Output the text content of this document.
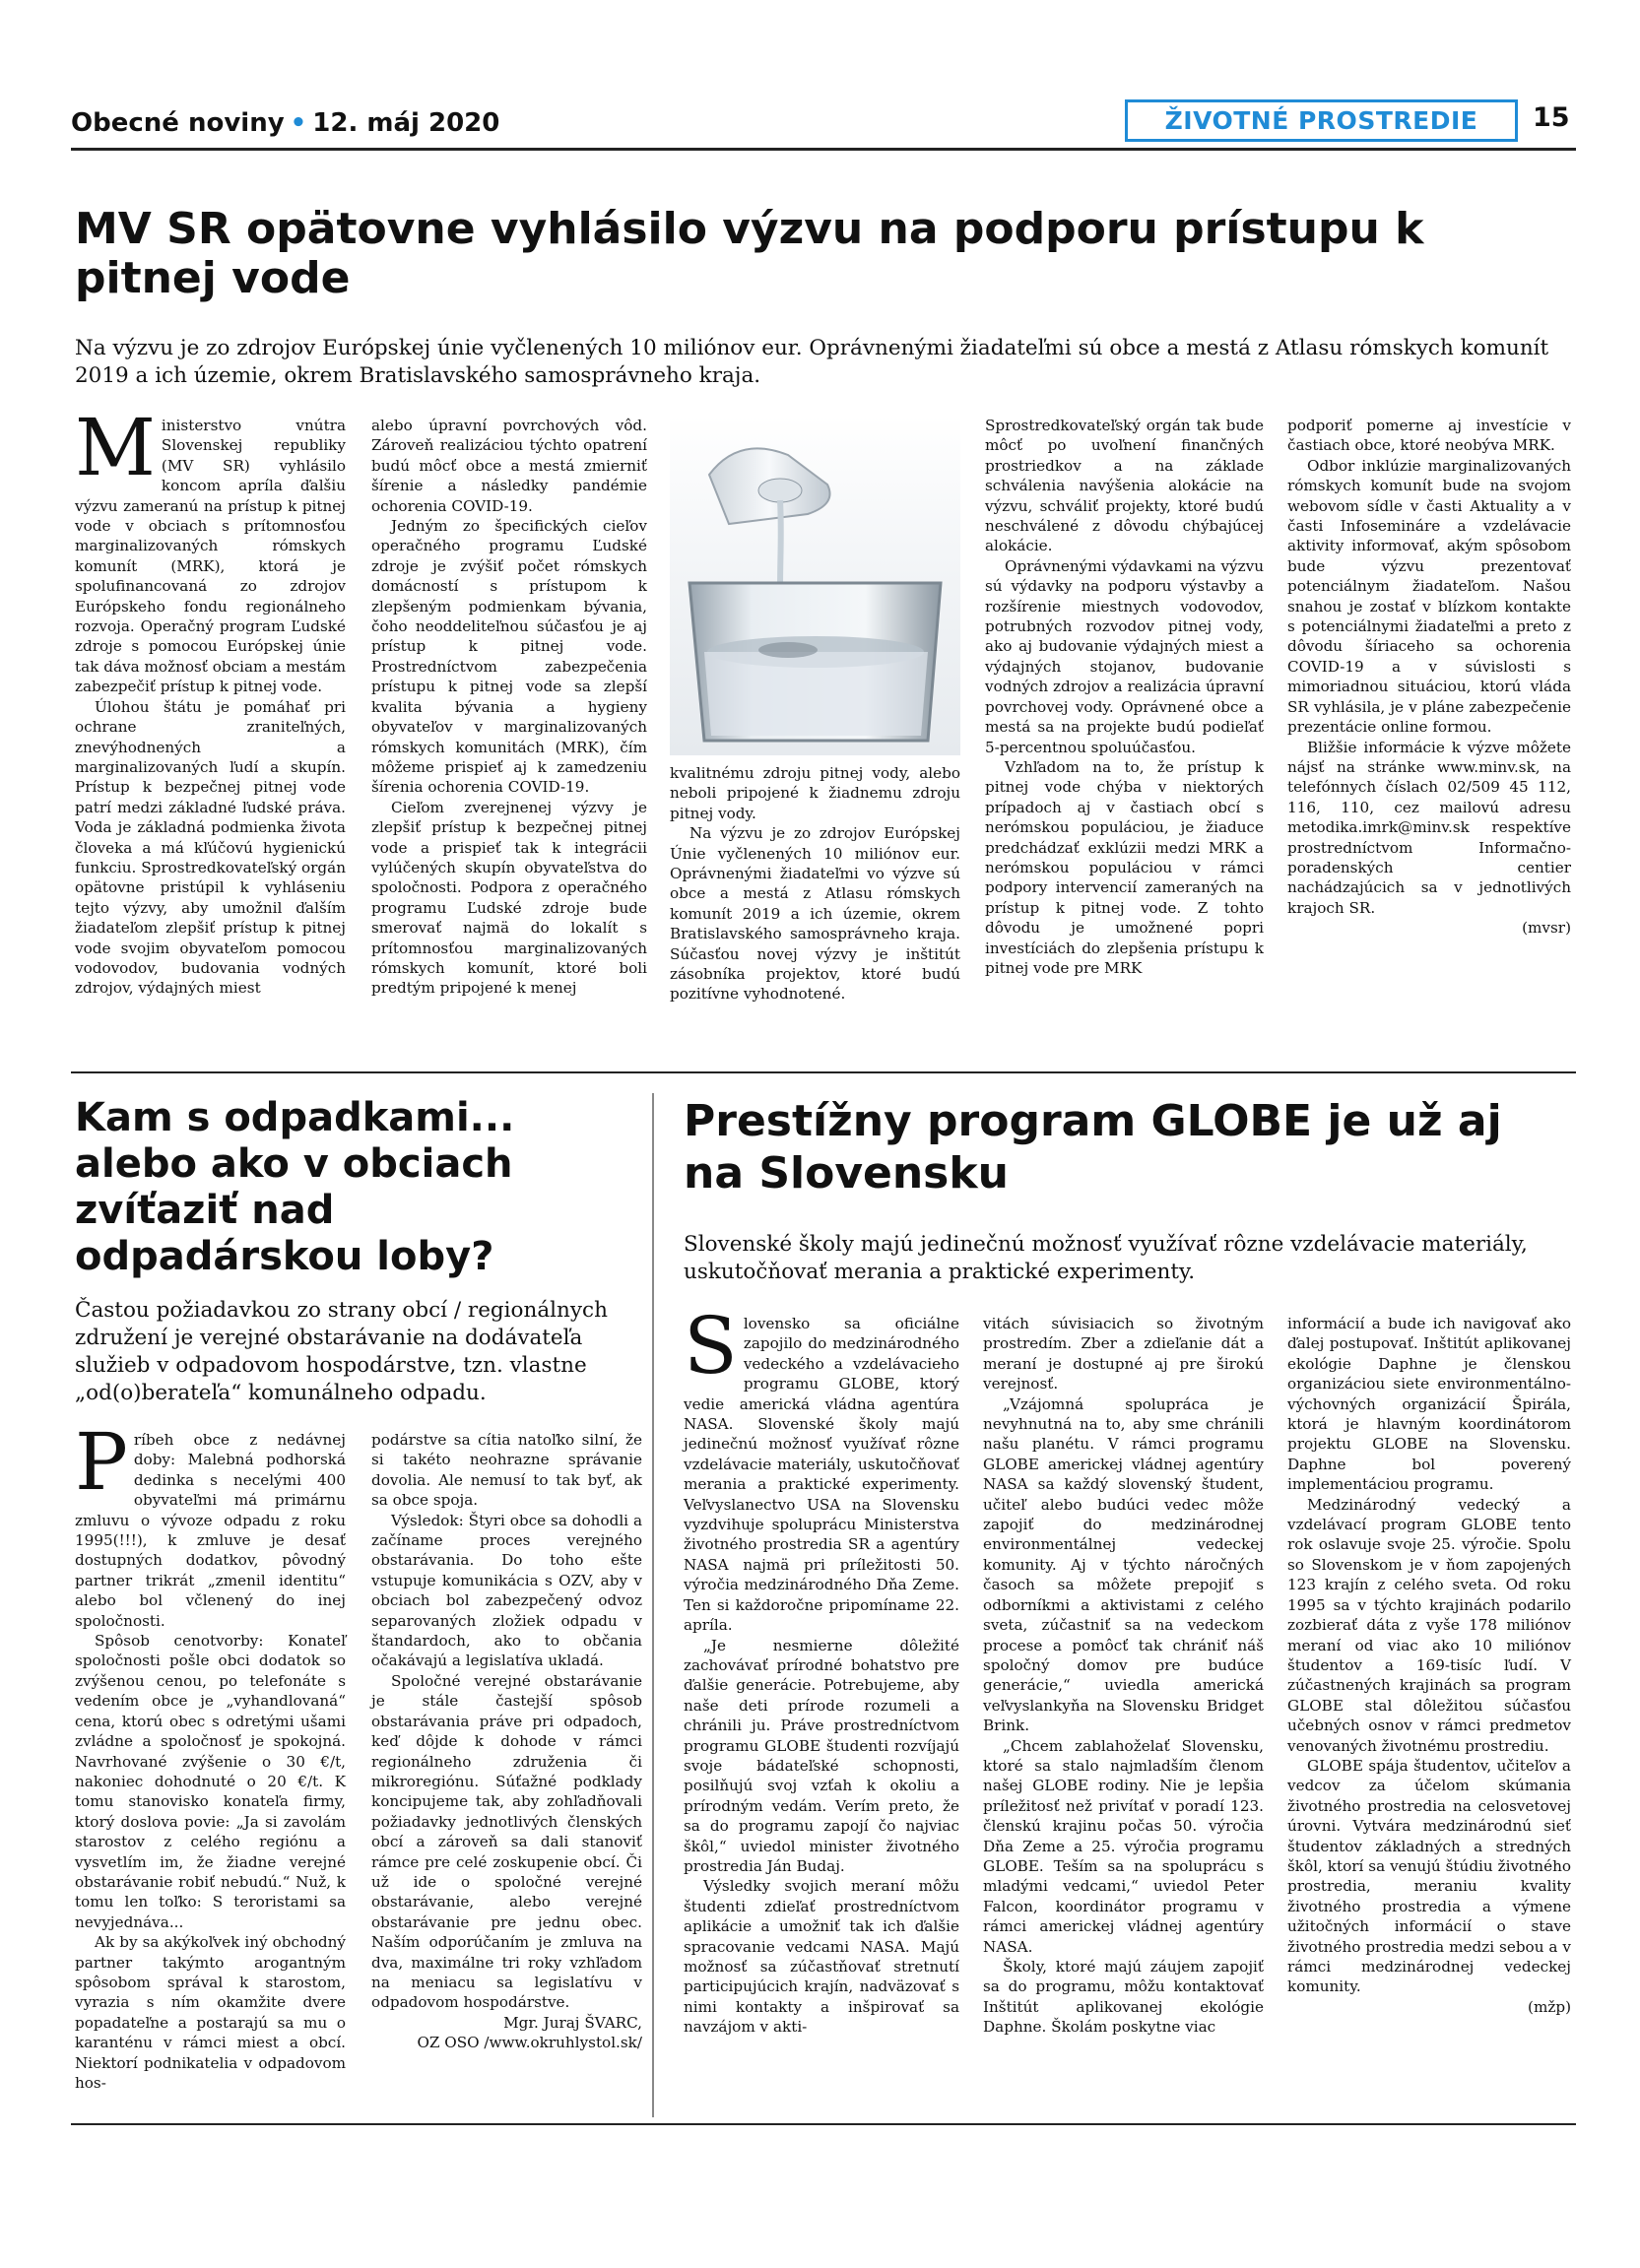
Obecné noviny • 12. máj 2020	ŽIVOTNÉ PROSTREDIE	15
MV SR opätovne vyhlásilo výzvu na podporu prístupu k pitnej vode
Na výzvu je zo zdrojov Európskej únie vyčlenených 10 miliónov eur. Oprávnenými žiadateľmi sú obce a mestá z Atlasu rómskych komunít 2019 a ich územie, okrem Bratislavského samosprávneho kraja.

Ministerstvo vnútra Slovenskej republiky (MV SR) vyhlásilo koncom apríla ďalšiu výzvu zameranú na prístup k pitnej vode v obciach s prítomnosťou marginalizovaných rómskych komunít (MRK), ktorá je spolufinancovaná zo zdrojov Európskeho fondu regionálneho rozvoja. Operačný program Ľudské zdroje s pomocou Európskej únie tak dáva možnosť obciam a mestám zabezpečiť prístup k pitnej vode.

Úlohou štátu je pomáhať pri ochrane zraniteľných, znevýhodnených a marginalizovaných ľudí a skupín. Prístup k bezpečnej pitnej vode patrí medzi základné ľudské práva. Voda je základná podmienka života človeka a má kľúčovú hygienickú funkciu. Sprostredkovateľský orgán opätovne pristúpil k vyhláseniu tejto výzvy, aby umožnil ďalším žiadateľom zlepšiť prístup k pitnej vode svojim obyvateľom pomocou vodovodov, budovania vodných zdrojov, výdajných miest

alebo úpravní povrchových vôd. Zároveň realizáciou týchto opatrení budú môcť obce a mestá zmierniť šírenie a následky pandémie ochorenia COVID-19.

Jedným zo špecifických cieľov operačného programu Ľudské zdroje je zvýšiť počet rómskych domácností s prístupom k zlepšeným podmienkam bývania, čoho neoddeliteľnou súčasťou je aj prístup k pitnej vode. Prostredníctvom zabezpečenia prístupu k pitnej vode sa zlepší kvalita bývania a hygieny obyvateľov v marginalizovaných rómskych komunitách (MRK), čím môžeme prispieť aj k zamedzeniu šírenia ochorenia COVID-19.

Cieľom zverejnenej výzvy je zlepšiť prístup k bezpečnej pitnej vode a prispieť tak k integrácii vylúčených skupín obyvateľstva do spoločnosti. Podpora z operačného programu Ľudské zdroje bude smerovať najmä do lokalít s prítomnosťou marginalizovaných rómskych komunít, ktoré boli predtým pripojené k menej

kvalitnému zdroju pitnej vody, alebo neboli pripojené k žiadnemu zdroju pitnej vody.

Na výzvu je zo zdrojov Európskej Únie vyčlenených 10 miliónov eur. Oprávnenými žiadateľmi vo výzve sú obce a mestá z Atlasu rómskych komunít 2019 a ich územie, okrem Bratislavského samosprávneho kraja. Súčasťou novej výzvy je inštitút zásobníka projektov, ktoré budú pozitívne vyhodnotené.

Sprostredkovateľský orgán tak bude môcť po uvoľnení finančných prostriedkov a na základe schválenia navýšenia alokácie na výzvu, schváliť projekty, ktoré budú neschválené z dôvodu chýbajúcej alokácie.

Oprávnenými výdavkami na výzvu sú výdavky na podporu výstavby a rozšírenie miestnych vodovodov, potrubných rozvodov pitnej vody, ako aj budovanie výdajných miest a výdajných stojanov, budovanie vodných zdrojov a realizácia úpravní povrchovej vody. Oprávnené obce a mestá sa na projekte budú podieľať 5-percentnou spoluúčasťou.

Vzhľadom na to, že prístup k pitnej vode chýba v niektorých prípadoch aj v častiach obcí s nerómskou populáciou, je žiaduce predchádzať exklúzii medzi MRK a nerómskou populáciou v rámci podpory intervencií zameraných na prístup k pitnej vode. Z tohto dôvodu je umožnené popri investíciách do zlepšenia prístupu k pitnej vode pre MRK

podporiť pomerne aj investície v častiach obce, ktoré neobýva MRK.

Odbor inklúzie marginalizovaných rómskych komunít bude na svojom webovom sídle v časti Aktuality a v časti Infosemináre a vzdelávacie aktivity informovať, akým spôsobom bude výzvu prezentovať potenciálnym žiadateľom. Našou snahou je zostať v blízkom kontakte s potenciálnymi žiadateľmi a preto z dôvodu šíriaceho sa ochorenia COVID-19 a v súvislosti s mimoriadnou situáciou, ktorú vláda SR vyhlásila, je v pláne zabezpečenie prezentácie online formou.

Bližšie informácie k výzve môžete nájsť na stránke www.minv.sk, na telefónnych číslach 02/509 45 112, 116, 110, cez mailovú adresu metodika.imrk@minv.sk respektíve prostredníctvom Informačno-poradenských centier nachádzajúcich sa v jednotlivých krajoch SR.

(mvsr)

Kam s odpadkami... alebo ako v obciach zvíťaziť nad odpadárskou loby?
Častou požiadavkou zo strany obcí / regionálnych združení je verejné obstarávanie na dodávateľa služieb v odpadovom hospodárstve, tzn. vlastne „od(o)berateľa“ komunálneho odpadu.

Príbeh obce z nedávnej doby: Malebná podhorská dedinka s necelými 400 obyvateľmi má primárnu zmluvu o vývoze odpadu z roku 1995(!!!), k zmluve je desať dostupných dodatkov, pôvodný partner trikrát „zmenil identitu“ alebo bol včlenený do inej spoločnosti.

Spôsob cenotvorby: Konateľ spoločnosti pošle obci dodatok so zvýšenou cenou, po telefonáte s vedením obce je „vyhandlovaná“ cena, ktorú obec s odretými ušami zvládne a spoločnosť je spokojná. Navrhované zvýšenie o 30 €/t, nakoniec dohodnuté o 20 €/t. K tomu stanovisko konateľa firmy, ktorý doslova povie: „Ja si zavolám starostov z celého regiónu a vysvetlím im, že žiadne verejné obstarávanie robiť nebudú.“ Nuž, k tomu len toľko: S teroristami sa nevyjednáva...

Ak by sa akýkoľvek iný obchodný partner takýmto arogantným spôsobom správal k starostom, vyrazia s ním okamžite dvere popadateľne a postarajú sa mu o karanténu v rámci miest a obcí. Niektorí podnikatelia v odpadovom hos-

podárstve sa cítia natoľko silní, že si takéto neohrazne správanie dovolia. Ale nemusí to tak byť, ak sa obce spoja.

Výsledok: Štyri obce sa dohodli a začíname proces verejného obstarávania. Do toho ešte vstupuje komunikácia s OZV, aby v obciach bol zabezpečený odvoz separovaných zložiek odpadu v štandardoch, ako to občania očakávajú a legislatíva ukladá.

Spoločné verejné obstarávanie je stále častejší spôsob obstarávania práve pri odpadoch, keď dôjde k dohode v rámci regionálneho združenia či mikroregiónu. Súťažné podklady koncipujeme tak, aby zohľadňovali požiadavky jednotlivých členských obcí a zároveň sa dali stanoviť rámce pre celé zoskupenie obcí. Či už ide o spoločné verejné obstarávanie, alebo verejné obstarávanie pre jednu obec. Naším odporúčaním je zmluva na dva, maximálne tri roky vzhľadom na meniacu sa legislatívu v odpadovom hospodárstve.

Mgr. Juraj ŠVARC,

OZ OSO /www.okruhlystol.sk/

Prestížny program GLOBE je už aj na Slovensku
Slovenské školy majú jedinečnú možnosť využívať rôzne vzdelávacie materiály, uskutočňovať merania a praktické experimenty.

Slovensko sa oficiálne zapojilo do medzinárodného vedeckého a vzdelávacieho programu GLOBE, ktorý vedie americká vládna agentúra NASA. Slovenské školy majú jedinečnú možnosť využívať rôzne vzdelávacie materiály, uskutočňovať merania a praktické experimenty. Veľvyslanectvo USA na Slovensku vyzdvihuje spoluprácu Ministerstva životného prostredia SR a agentúry NASA najmä pri príležitosti 50. výročia medzinárodného Dňa Zeme. Ten si každoročne pripomíname 22. apríla.

„Je nesmierne dôležité zachovávať prírodné bohatstvo pre ďalšie generácie. Potrebujeme, aby naše deti prírode rozumeli a chránili ju. Práve prostredníctvom programu GLOBE študenti rozvíjajú svoje bádateľské schopnosti, posilňujú svoj vzťah k okoliu a prírodným vedám. Verím preto, že sa do programu zapojí čo najviac škôl,“ uviedol minister životného prostredia Ján Budaj.

Výsledky svojich meraní môžu študenti zdieľať prostredníctvom aplikácie a umožniť tak ich ďalšie spracovanie vedcami NASA. Majú možnosť sa zúčastňovať stretnutí participujúcich krajín, nadväzovať s nimi kontakty a inšpirovať sa navzájom v akti-

vitách súvisiacich so životným prostredím. Zber a zdieľanie dát a meraní je dostupné aj pre širokú verejnosť.

„Vzájomná spolupráca je nevyhnutná na to, aby sme chránili našu planétu. V rámci programu GLOBE americkej vládnej agentúry NASA sa každý slovenský študent, učiteľ alebo budúci vedec môže zapojiť do medzinárodnej environmentálnej vedeckej komunity. Aj v týchto náročných časoch sa môžete prepojiť s odborníkmi a aktivistami z celého sveta, zúčastniť sa na vedeckom procese a pomôcť tak chrániť náš spoločný domov pre budúce generácie,“ uviedla americká veľvyslankyňa na Slovensku Bridget Brink.

„Chcem zablahoželať Slovensku, ktoré sa stalo najmladším členom našej GLOBE rodiny. Nie je lepšia príležitosť než privítať v poradí 123. členskú krajinu počas 50. výročia Dňa Zeme a 25. výročia programu GLOBE. Teším sa na spoluprácu s mladými vedcami,“ uviedol Peter Falcon, koordinátor programu v rámci americkej vládnej agentúry NASA.

Školy, ktoré majú záujem zapojiť sa do programu, môžu kontaktovať Inštitút aplikovanej ekológie Daphne. Školám poskytne viac

informácií a bude ich navigovať ako ďalej postupovať. Inštitút aplikovanej ekológie Daphne je členskou organizáciou siete environmentálno-výchovných organizácií Špirála, ktorá je hlavným koordinátorom projektu GLOBE na Slovensku. Daphne bol poverený implementáciou programu.

Medzinárodný vedecký a vzdelávací program GLOBE tento rok oslavuje svoje 25. výročie. Spolu so Slovenskom je v ňom zapojených 123 krajín z celého sveta. Od roku 1995 sa v týchto krajinách podarilo zozbierať dáta z vyše 178 miliónov meraní od viac ako 10 miliónov študentov a 169-tisíc ľudí. V zúčastnených krajinách sa program GLOBE stal dôležitou súčasťou učebných osnov v rámci predmetov venovaných životnému prostrediu.

GLOBE spája študentov, učiteľov a vedcov za účelom skúmania životného prostredia na celosvetovej úrovni. Vytvára medzinárodnú sieť študentov základných a stredných škôl, ktorí sa venujú štúdiu životného prostredia, meraniu kvality životného prostredia a výmene užitočných informácií o stave životného prostredia medzi sebou a v rámci medzinárodnej vedeckej komunity.

(mžp)
